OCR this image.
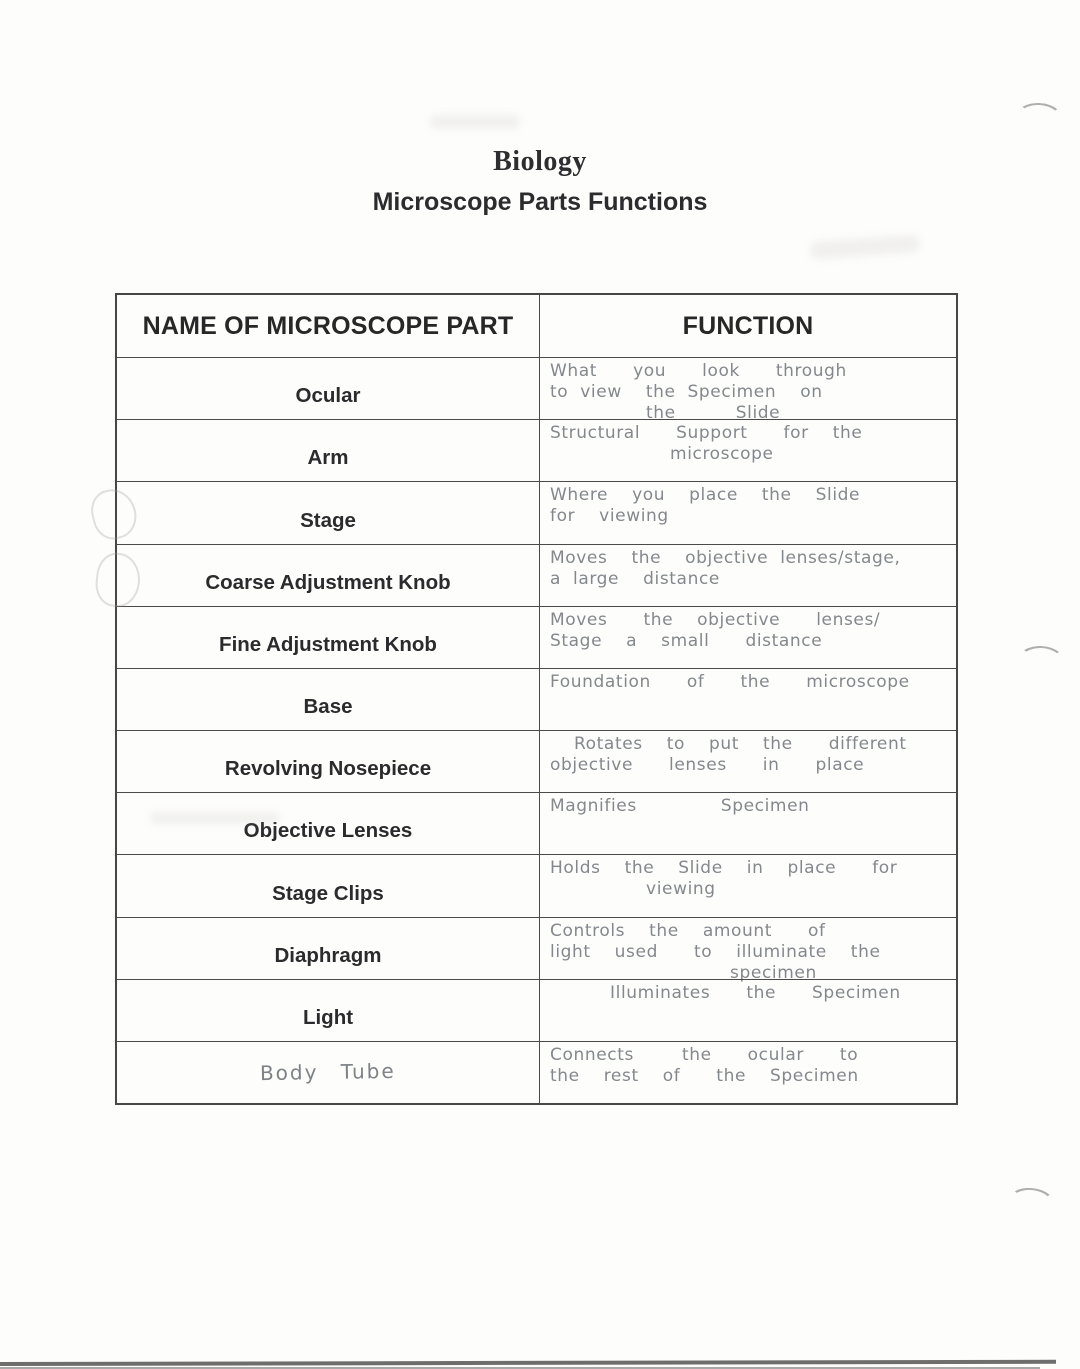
Biology
Microscope Parts Functions
NAME OF MICROSCOPE PART	FUNCTION
Ocular
What   you   look   through
to view  the Specimen  on
the     Slide
Arm
Structural   Support   for  the
microscope
Stage
Where  you  place  the  Slide
for  viewing
Coarse Adjustment Knob
Moves  the  objective lenses/stage,
a large  distance
Fine Adjustment Knob
Moves   the  objective   lenses/
Stage  a  small   distance
Base
Foundation   of   the   microscope
Revolving Nosepiece
Rotates  to  put  the   different
objective   lenses   in   place
Objective Lenses
Magnifies       Specimen
Stage Clips
Holds  the  Slide  in  place   for
viewing
Diaphragm
Controls  the  amount   of
light  used   to  illuminate  the
specimen
Light
Illuminates   the   Specimen
Body Tube
Connects    the   ocular   to
the  rest  of   the  Specimen
